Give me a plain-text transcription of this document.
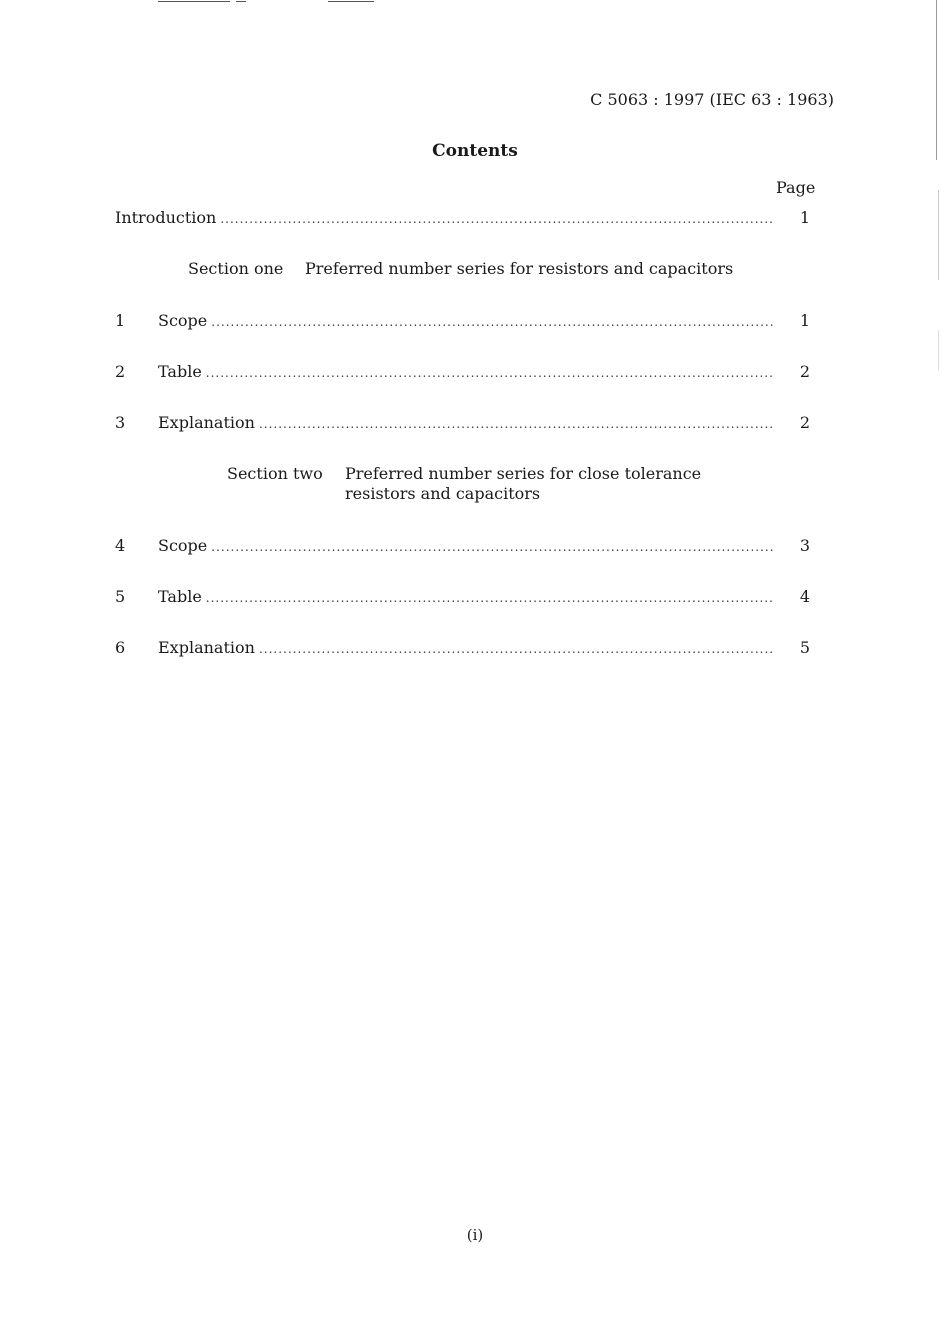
C 5063 : 1997 (IEC 63 : 1963)
Contents
Page
Introduction .....	1
Section one Preferred number series for resistors and capacitors
1 Scope .....	1
2 Table .....	2
3 Explanation .....	2
Section two Preferred number series for close tolerance
resistors and capacitors
4 Scope .....	3
5 Table .....	4
6 Explanation .....	5
(i)
